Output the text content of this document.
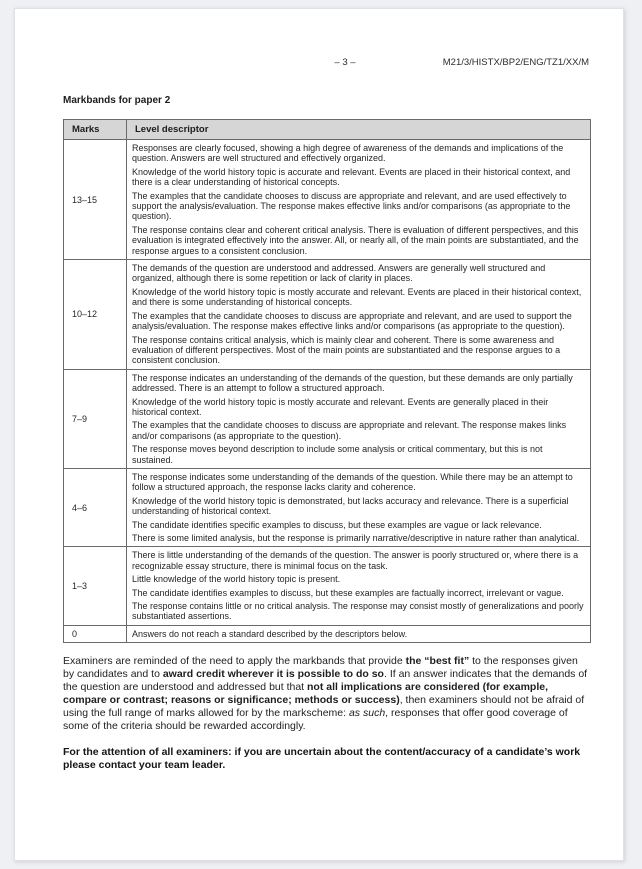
– 3 –	M21/3/HISTX/BP2/ENG/TZ1/XX/M
Markbands for paper 2
Marks	Level descriptor
13–15	Responses are clearly focused, showing a high degree of awareness of the demands and implications of the question. Answers are well structured and effectively organized.

Knowledge of the world history topic is accurate and relevant. Events are placed in their historical context, and there is a clear understanding of historical concepts.

The examples that the candidate chooses to discuss are appropriate and relevant, and are used effectively to support the analysis/evaluation. The response makes effective links and/or comparisons (as appropriate to the question).

The response contains clear and coherent critical analysis. There is evaluation of different perspectives, and this evaluation is integrated effectively into the answer. All, or nearly all, of the main points are substantiated, and the response argues to a consistent conclusion.

10–12	The demands of the question are understood and addressed. Answers are generally well structured and organized, although there is some repetition or lack of clarity in places.

Knowledge of the world history topic is mostly accurate and relevant. Events are placed in their historical context, and there is some understanding of historical concepts.

The examples that the candidate chooses to discuss are appropriate and relevant, and are used to support the analysis/evaluation. The response makes effective links and/or comparisons (as appropriate to the question).

The response contains critical analysis, which is mainly clear and coherent. There is some awareness and evaluation of different perspectives. Most of the main points are substantiated and the response argues to a consistent conclusion.

7–9	The response indicates an understanding of the demands of the question, but these demands are only partially addressed. There is an attempt to follow a structured approach.

Knowledge of the world history topic is mostly accurate and relevant. Events are generally placed in their historical context.

The examples that the candidate chooses to discuss are appropriate and relevant. The response makes links and/or comparisons (as appropriate to the question).

The response moves beyond description to include some analysis or critical commentary, but this is not sustained.

4–6	The response indicates some understanding of the demands of the question. While there may be an attempt to follow a structured approach, the response lacks clarity and coherence.

Knowledge of the world history topic is demonstrated, but lacks accuracy and relevance. There is a superficial understanding of historical context.

The candidate identifies specific examples to discuss, but these examples are vague or lack relevance.

There is some limited analysis, but the response is primarily narrative/descriptive in nature rather than analytical.

1–3	There is little understanding of the demands of the question. The answer is poorly structured or, where there is a recognizable essay structure, there is minimal focus on the task.

Little knowledge of the world history topic is present.

The candidate identifies examples to discuss, but these examples are factually incorrect, irrelevant or vague.

The response contains little or no critical analysis. The response may consist mostly of generalizations and poorly substantiated assertions.

0	Answers do not reach a standard described by the descriptors below.

Examiners are reminded of the need to apply the markbands that provide the “best fit” to the responses given by candidates and to award credit wherever it is possible to do so. If an answer indicates that the demands of the question are understood and addressed but that not all implications are considered (for example, compare or contrast; reasons or significance; methods or success), then examiners should not be afraid of using the full range of marks allowed for by the markscheme: as such, responses that offer good coverage of some of the criteria should be rewarded accordingly.
For the attention of all examiners: if you are uncertain about the content/accuracy of a candidate’s work please contact your team leader.
